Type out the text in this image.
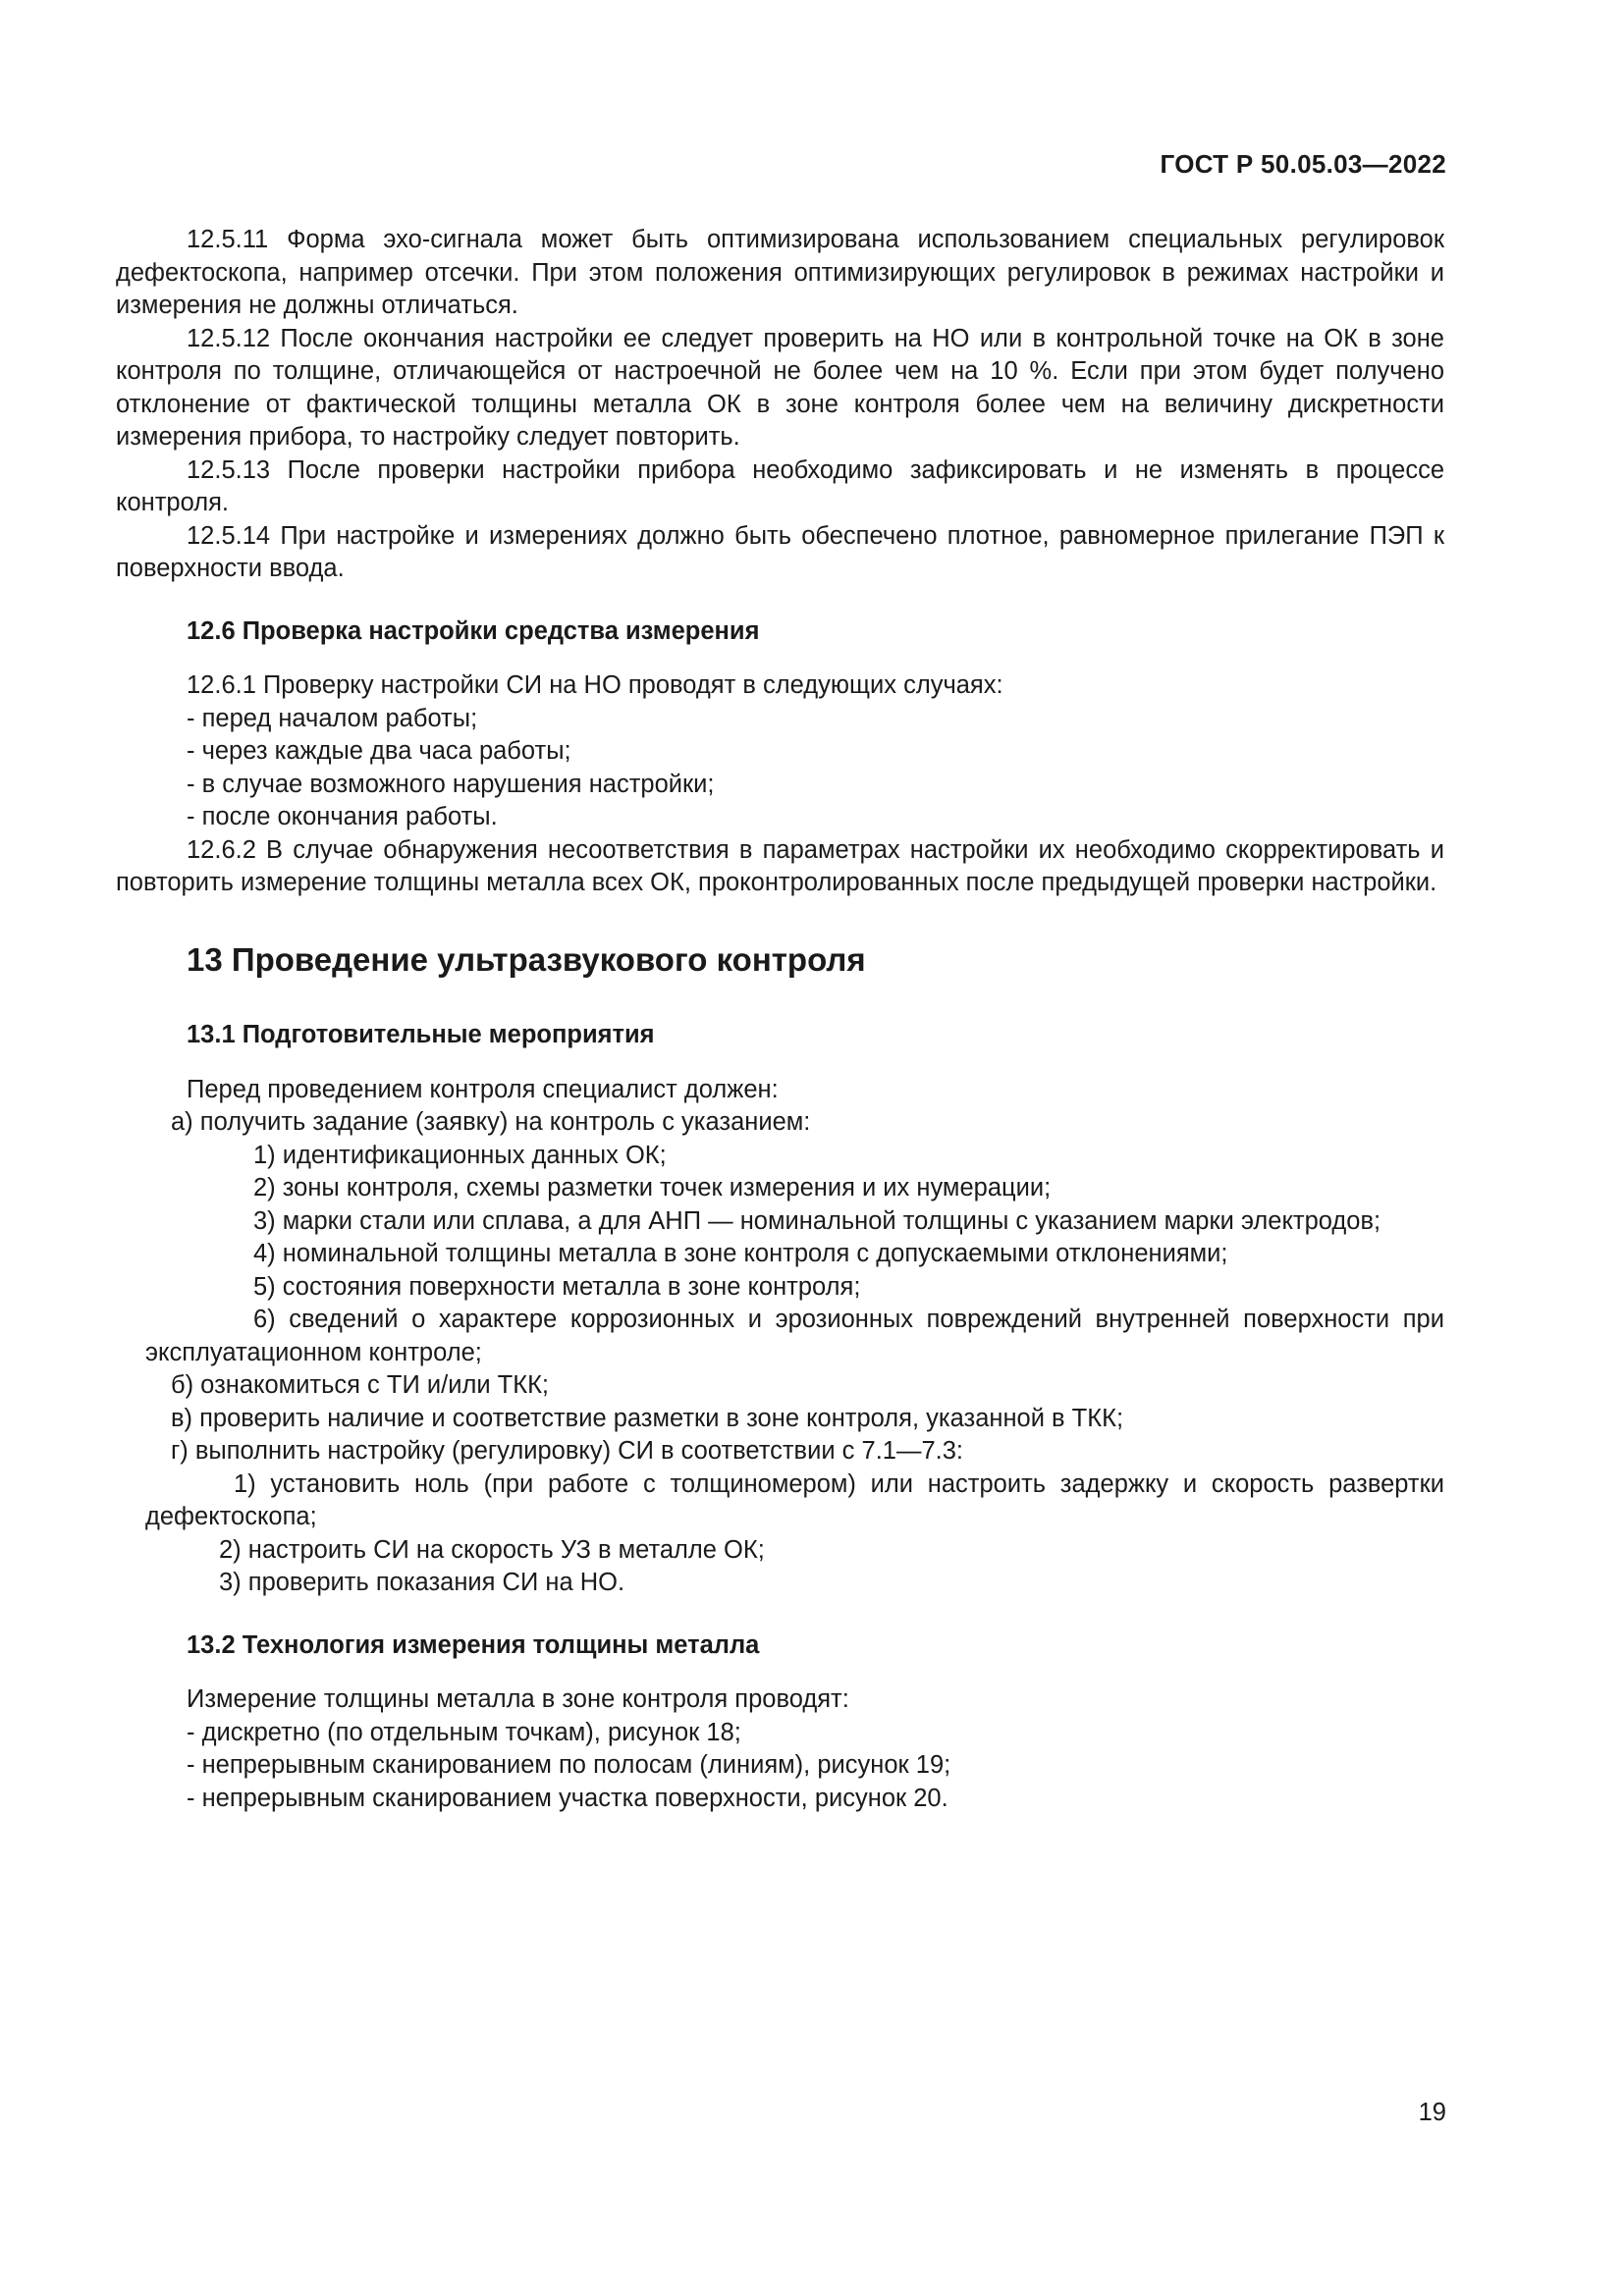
ГОСТ Р 50.05.03—2022

12.5.11 Форма эхо-сигнала может быть оптимизирована использованием специальных регулировок дефектоскопа, например отсечки. При этом положения оптимизирующих регулировок в режимах настройки и измерения не должны отличаться.

12.5.12 После окончания настройки ее следует проверить на НО или в контрольной точке на ОК в зоне контроля по толщине, отличающейся от настроечной не более чем на 10 %. Если при этом будет получено отклонение от фактической толщины металла ОК в зоне контроля более чем на величину дискретности измерения прибора, то настройку следует повторить.

12.5.13 После проверки настройки прибора необходимо зафиксировать и не изменять в процессе контроля.

12.5.14 При настройке и измерениях должно быть обеспечено плотное, равномерное прилегание ПЭП к поверхности ввода.

12.6 Проверка настройки средства измерения

12.6.1 Проверку настройки СИ на НО проводят в следующих случаях:

- перед началом работы;

- через каждые два часа работы;

- в случае возможного нарушения настройки;

- после окончания работы.

12.6.2 В случае обнаружения несоответствия в параметрах настройки их необходимо скорректировать и повторить измерение толщины металла всех ОК, проконтролированных после предыдущей проверки настройки.

13 Проведение ультразвукового контроля
13.1 Подготовительные мероприятия

Перед проведением контроля специалист должен:

а) получить задание (заявку) на контроль с указанием:

1) идентификационных данных ОК;

2) зоны контроля, схемы разметки точек измерения и их нумерации;

3) марки стали или сплава, а для АНП — номинальной толщины с указанием марки электродов;

4) номинальной толщины металла в зоне контроля с допускаемыми отклонениями;

5) состояния поверхности металла в зоне контроля;

6) сведений о характере коррозионных и эрозионных повреждений внутренней поверхности при эксплуатационном контроле;

б) ознакомиться с ТИ и/или ТКК;

в) проверить наличие и соответствие разметки в зоне контроля, указанной в ТКК;

г) выполнить настройку (регулировку) СИ в соответствии с 7.1—7.3:

1) установить ноль (при работе с толщиномером) или настроить задержку и скорость развертки дефектоскопа;

2) настроить СИ на скорость УЗ в металле ОК;

3) проверить показания СИ на НО.

13.2 Технология измерения толщины металла

Измерение толщины металла в зоне контроля проводят:

- дискретно (по отдельным точкам), рисунок 18;

- непрерывным сканированием по полосам (линиям), рисунок 19;

- непрерывным сканированием участка поверхности, рисунок 20.

19
